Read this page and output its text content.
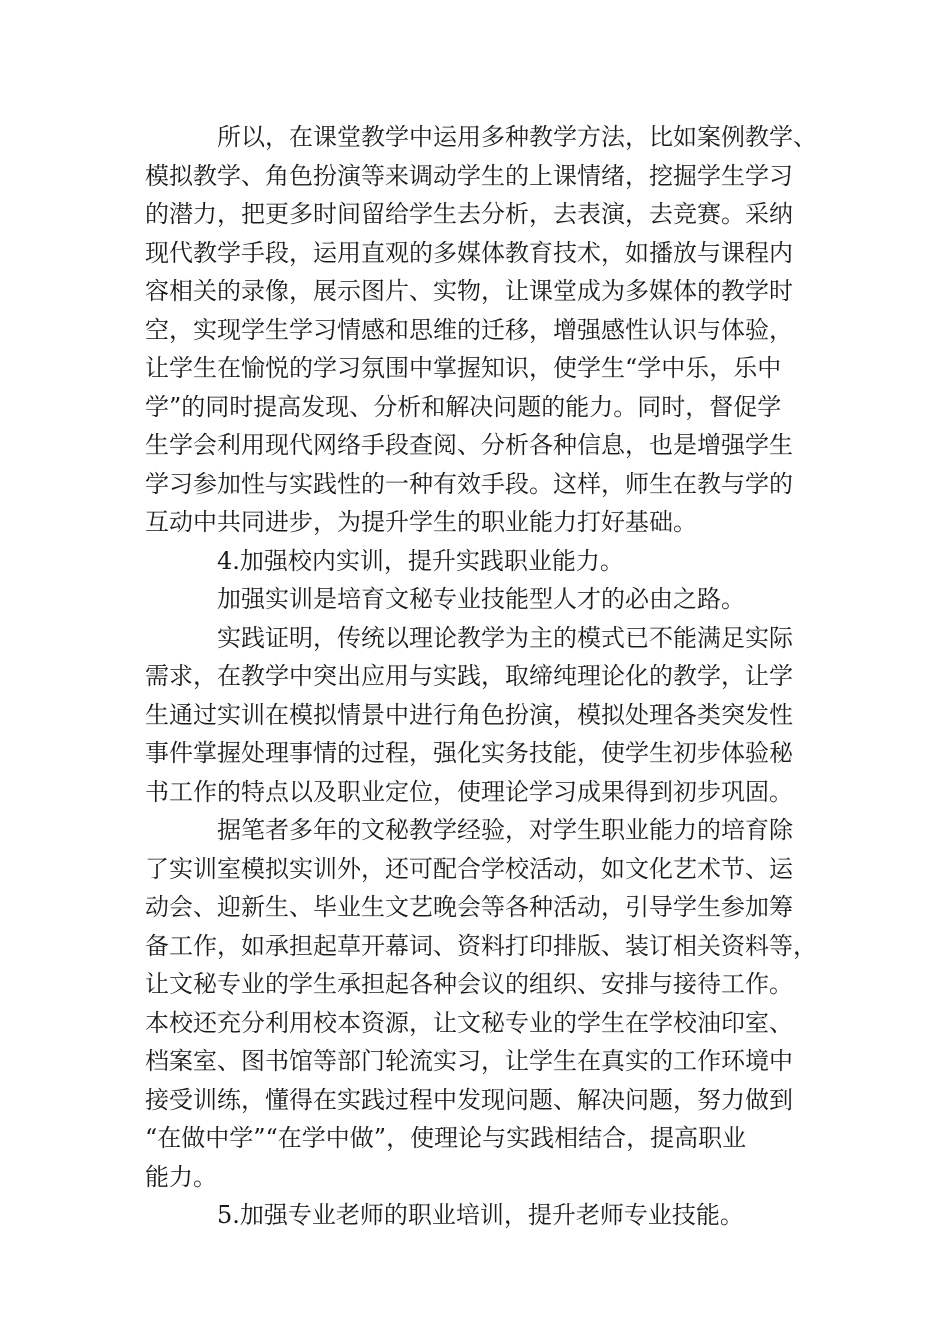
所以，在课堂教学中运用多种教学方法，比如案例教学、
模拟教学、角色扮演等来调动学生的上课情绪，挖掘学生学习
的潜力，把更多时间留给学生去分析，去表演，去竞赛。采纳
现代教学手段，运用直观的多媒体教育技术，如播放与课程内
容相关的录像，展示图片、实物，让课堂成为多媒体的教学时
空，实现学生学习情感和思维的迁移，增强感性认识与体验，
让学生在愉悦的学习氛围中掌握知识，使学生“学中乐，乐中
学”的同时提高发现、分析和解决问题的能力。同时，督促学
生学会利用现代网络手段查阅、分析各种信息，也是增强学生
学习参加性与实践性的一种有效手段。这样，师生在教与学的
互动中共同进步，为提升学生的职业能力打好基础。
4.加强校内实训，提升实践职业能力。
加强实训是培育文秘专业技能型人才的必由之路。
实践证明，传统以理论教学为主的模式已不能满足实际
需求，在教学中突出应用与实践，取缔纯理论化的教学，让学
生通过实训在模拟情景中进行角色扮演，模拟处理各类突发性
事件掌握处理事情的过程，强化实务技能，使学生初步体验秘
书工作的特点以及职业定位，使理论学习成果得到初步巩固。
据笔者多年的文秘教学经验，对学生职业能力的培育除
了实训室模拟实训外，还可配合学校活动，如文化艺术节、运
动会、迎新生、毕业生文艺晚会等各种活动，引导学生参加筹
备工作，如承担起草开幕词、资料打印排版、装订相关资料等，
让文秘专业的学生承担起各种会议的组织、安排与接待工作。
本校还充分利用校本资源，让文秘专业的学生在学校油印室、
档案室、图书馆等部门轮流实习，让学生在真实的工作环境中
接受训练，懂得在实践过程中发现问题、解决问题，努力做到
“在做中学”“在学中做”，使理论与实践相结合，提高职业
能力。
5.加强专业老师的职业培训，提升老师专业技能。
